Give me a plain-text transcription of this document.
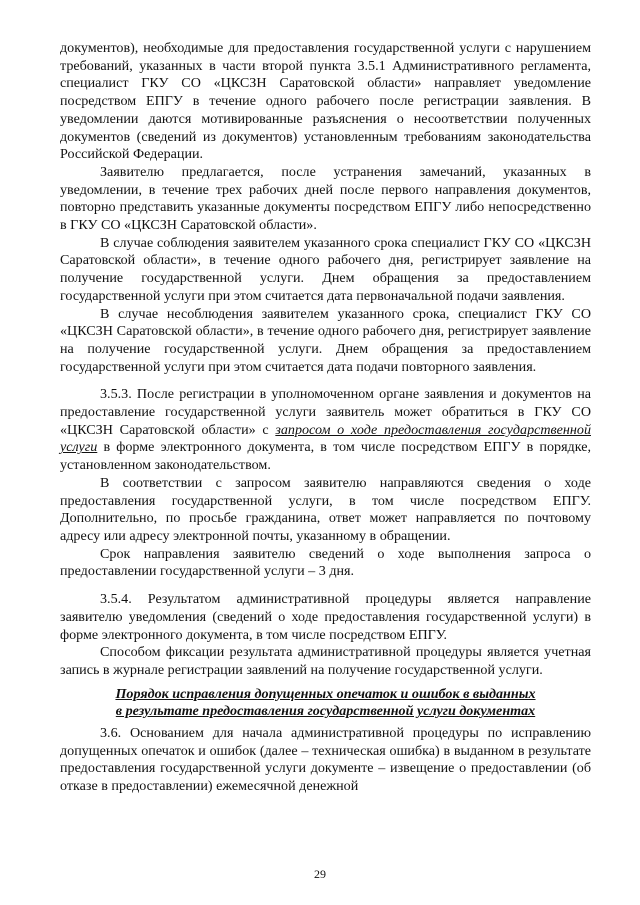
документов), необходимые для предоставления государственной услуги с нарушением требований, указанных в части второй пункта 3.5.1 Административного регламента, специалист ГКУ СО «ЦКСЗН Саратовской области» направляет уведомление посредством ЕПГУ в течение одного рабочего после регистрации заявления. В уведомлении даются мотивированные разъяснения о несоответствии полученных документов (сведений из документов) установленным требованиям законодательства Российской Федерации.

Заявителю предлагается, после устранения замечаний, указанных в уведомлении, в течение трех рабочих дней после первого направления документов, повторно представить указанные документы посредством ЕПГУ либо непосредственно в ГКУ СО «ЦКСЗН Саратовской области».

В случае соблюдения заявителем указанного срока специалист ГКУ СО «ЦКСЗН Саратовской области», в течение одного рабочего дня, регистрирует заявление на получение государственной услуги. Днем обращения за предоставлением государственной услуги при этом считается дата первоначальной подачи заявления.

В случае несоблюдения заявителем указанного срока, специалист ГКУ СО «ЦКСЗН Саратовской области», в течение одного рабочего дня, регистрирует заявление на получение государственной услуги. Днем обращения за предоставлением государственной услуги при этом считается дата подачи повторного заявления.

3.5.3. После регистрации в уполномоченном органе заявления и документов на предоставление государственной услуги заявитель может обратиться в ГКУ СО «ЦКСЗН Саратовской области» с запросом о ходе предоставления государственной услуги в форме электронного документа, в том числе посредством ЕПГУ в порядке, установленном законодательством.

В соответствии с запросом заявителю направляются сведения о ходе предоставления государственной услуги, в том числе посредством ЕПГУ. Дополнительно, по просьбе гражданина, ответ может направляется по почтовому адресу или адресу электронной почты, указанному в обращении.

Срок направления заявителю сведений о ходе выполнения запроса о предоставлении государственной услуги – 3 дня.

3.5.4. Результатом административной процедуры является направление заявителю уведомления (сведений о ходе предоставления государственной услуги) в форме электронного документа, в том числе посредством ЕПГУ.

Способом фиксации результата административной процедуры является учетная запись в журнале регистрации заявлений на получение государственной услуги.

Порядок исправления допущенных опечаток и ошибок в выданных
в результате предоставления государственной услуги документах

3.6. Основанием для начала административной процедуры по исправлению допущенных опечаток и ошибок (далее – техническая ошибка) в выданном в результате предоставления государственной услуги документе – извещение о предоставлении (об отказе в предоставлении) ежемесячной денежной

29
